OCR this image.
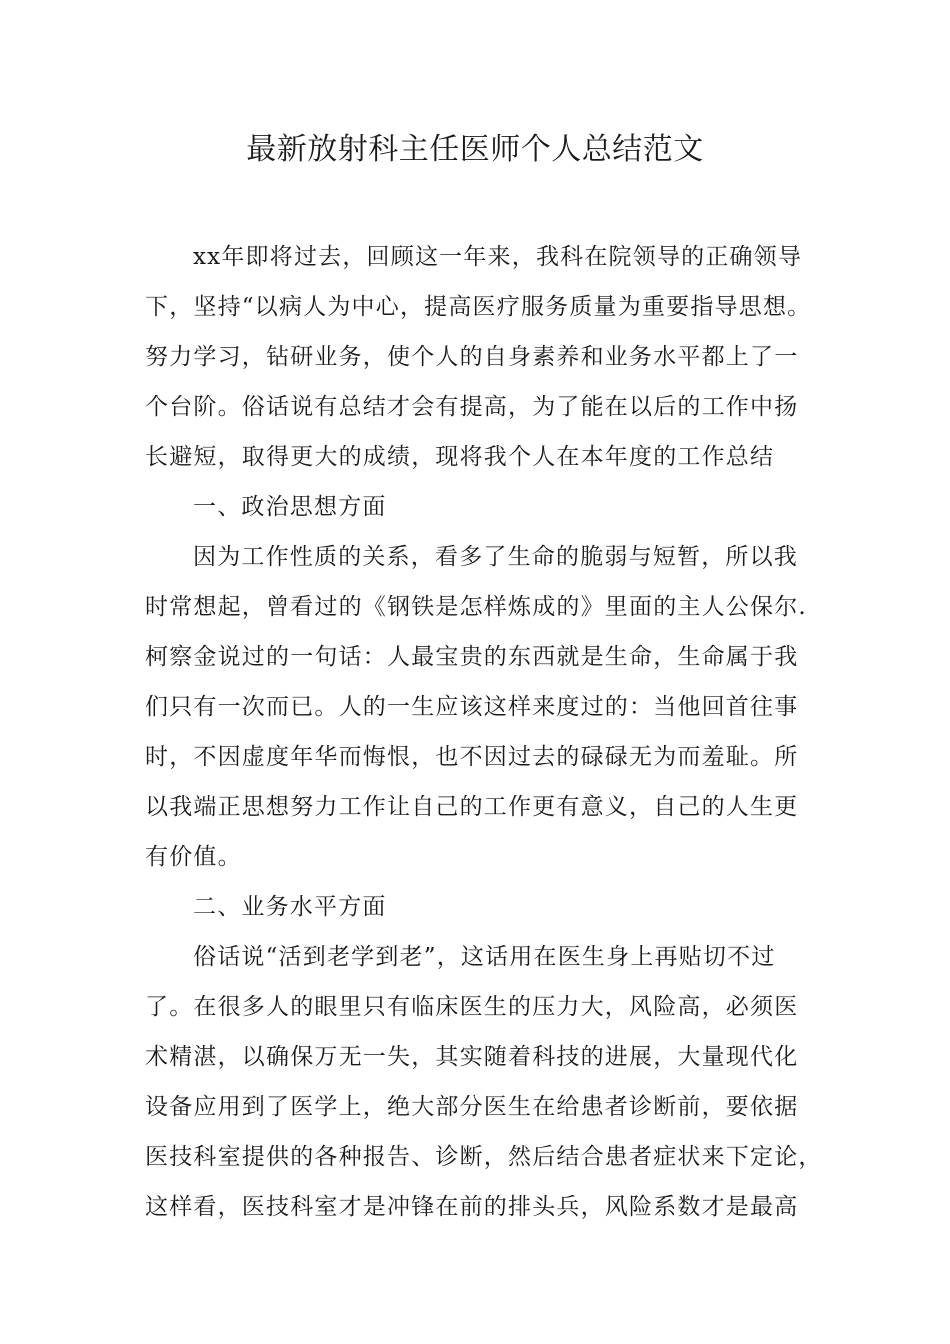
最新放射科主任医师个人总结范文
xx年即将过去，回顾这一年来，我科在院领导的正确领导
下，坚持“以病人为中心，提高医疗服务质量为重要指导思想。
努力学习，钻研业务，使个人的自身素养和业务水平都上了一
个台阶。俗话说有总结才会有提高，为了能在以后的工作中扬
长避短，取得更大的成绩，现将我个人在本年度的工作总结
一、政治思想方面
因为工作性质的关系，看多了生命的脆弱与短暂，所以我
时常想起，曾看过的《钢铁是怎样炼成的》里面的主人公保尔.
柯察金说过的一句话：人最宝贵的东西就是生命，生命属于我
们只有一次而已。人的一生应该这样来度过的：当他回首往事
时，不因虚度年华而悔恨，也不因过去的碌碌无为而羞耻。所
以我端正思想努力工作让自己的工作更有意义，自己的人生更
有价值。
二、业务水平方面
俗话说“活到老学到老”，这话用在医生身上再贴切不过
了。在很多人的眼里只有临床医生的压力大，风险高，必须医
术精湛，以确保万无一失，其实随着科技的进展，大量现代化
设备应用到了医学上，绝大部分医生在给患者诊断前，要依据
医技科室提供的各种报告、诊断，然后结合患者症状来下定论，
这样看，医技科室才是冲锋在前的排头兵，风险系数才是最高
